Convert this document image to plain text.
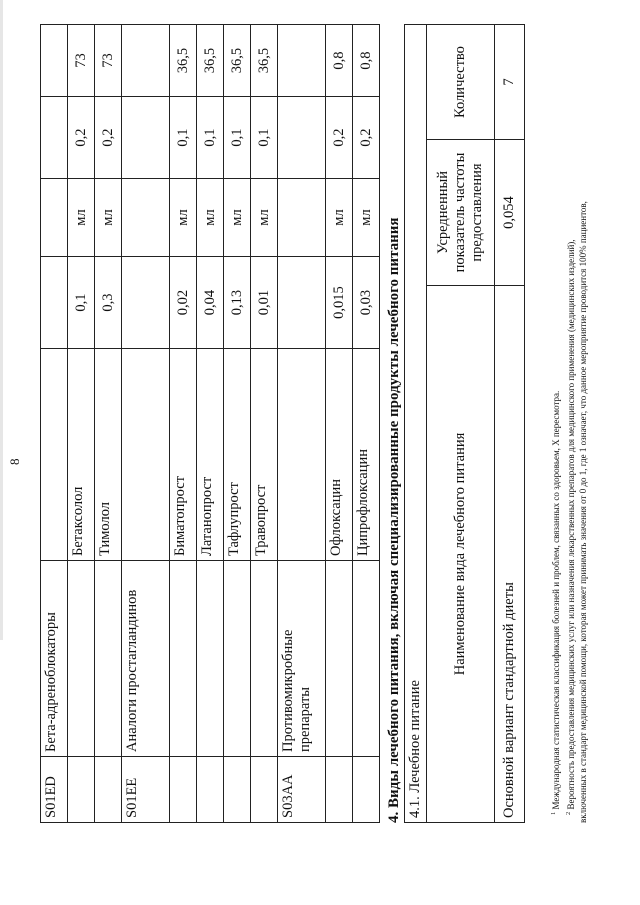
8
S01ED	Бета-адреноблокаторы					
		Бетаксолол	0,1	мл	0,2	73
		Тимолол	0,3	мл	0,2	73
S01EE	Аналоги простагландинов					
		Биматопрост	0,02	мл	0,1	36,5
		Латанопрост	0,04	мл	0,1	36,5
		Тафлупрост	0,13	мл	0,1	36,5
		Травопрост	0,01	мл	0,1	36,5
S03AA	Противомикробные препараты					
		Офлоксацин	0,015	мл	0,2	0,8
		Ципрофлоксацин	0,03	мл	0,2	0,8
4. Виды лечебного питания, включая специализированные продукты лечебного питания 4.1. Лечебное питание		
Наименование вида лечебного питания	Усредненный показатель частоты предоставления	Количество
Основной вариант стандартной диеты	0,054	7
$^1$ Международная статистическая классификация болезней и проблем, связанных со здоровьем, X пересмотра.
$^2$ Вероятность предоставления медицинских услуг или назначения лекарственных препаратов для медицинского применения (медицинских изделий), включенных в стандарт медицинской помощи, которая может принимать значения от 0 до 1, где 1 означает, что данное мероприятие проводится 100% пациентов,
